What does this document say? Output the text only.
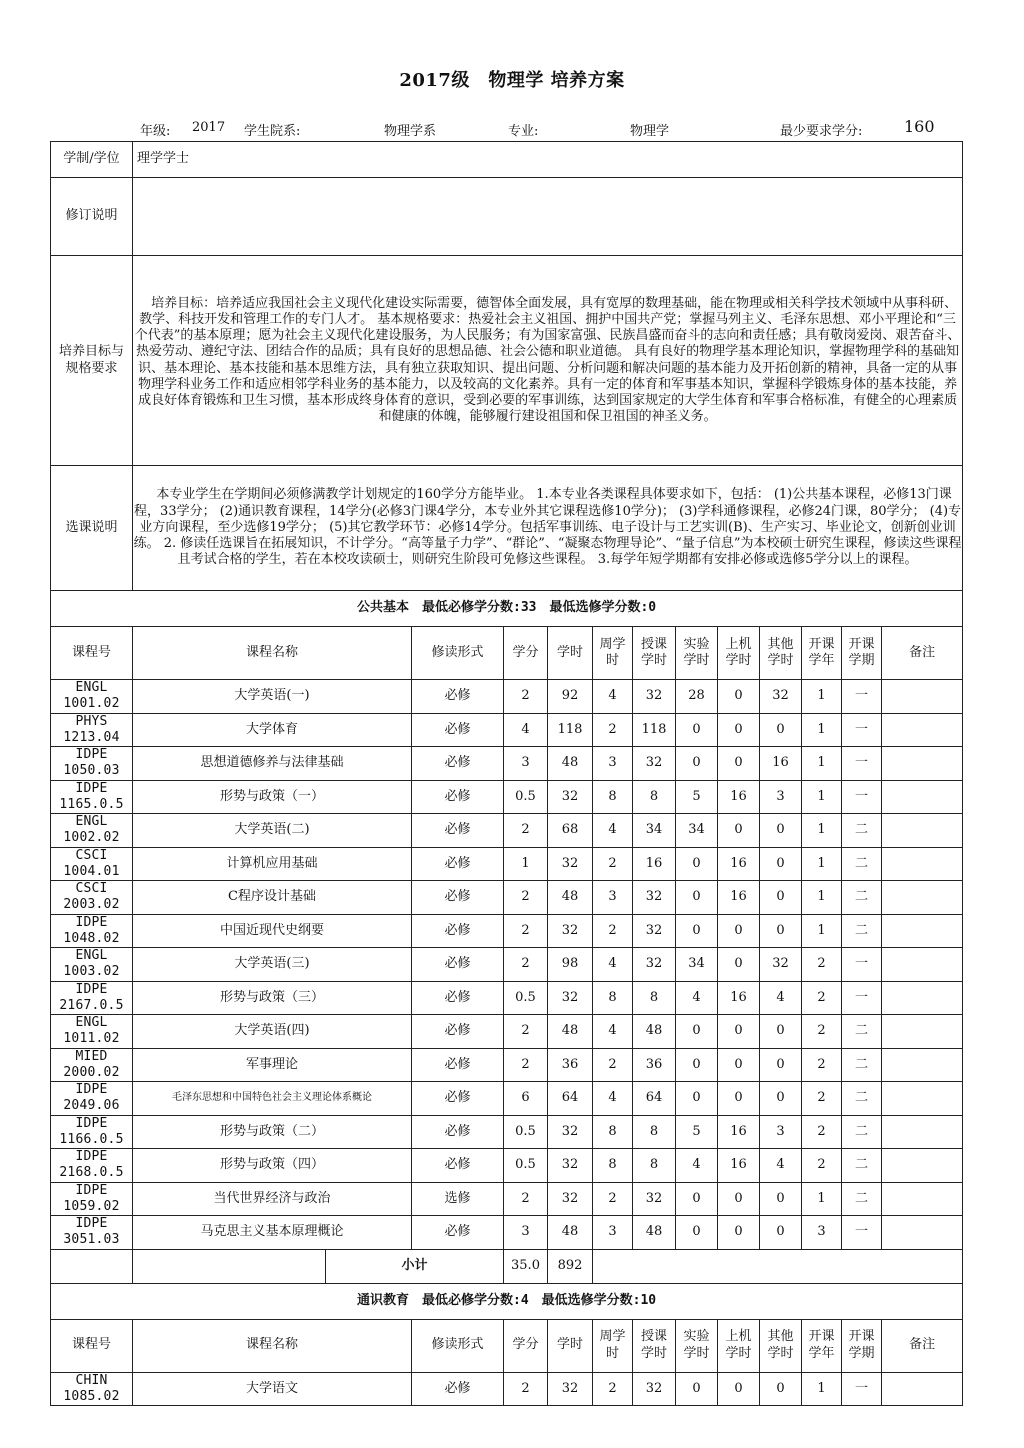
2017级　物理学 培养方案
年级: 2017 学生院系:	物理学系	专业:	物理学	最少要求学分:	160
学制/学位	理学学士												
修订说明													
培养目标与规格要求	培养目标：培养适应我国社会主义现代化建设实际需要，德智体全面发展，具有宽厚的数理基础，能在物理或相关科学技术领域中从事科研、教学、科技开发和管理工作的专门人才。 基本规格要求：热爱社会主义祖国、拥护中国共产党；掌握马列主义、毛泽东思想、邓小平理论和“三个代表”的基本原理；愿为社会主义现代化建设服务，为人民服务；有为国家富强、民族昌盛而奋斗的志向和责任感；具有敬岗爱岗、艰苦奋斗、热爱劳动、遵纪守法、团结合作的品质；具有良好的思想品德、社会公德和职业道德。 具有良好的物理学基本理论知识，掌握物理学科的基础知识、基本理论、基本技能和基本思维方法，具有独立获取知识、提出问题、分析问题和解决问题的基本能力及开拓创新的精神，具备一定的从事物理学科业务工作和适应相邻学科业务的基本能力，以及较高的文化素养。具有一定的体育和军事基本知识，掌握科学锻炼身体的基本技能，养成良好体育锻炼和卫生习惯，基本形成终身体育的意识，受到必要的军事训练，达到国家规定的大学生体育和军事合格标准，有健全的心理素质和健康的体魄，能够履行建设祖国和保卫祖国的神圣义务。												
选课说明	本专业学生在学期间必须修满教学计划规定的160学分方能毕业。 1.本专业各类课程具体要求如下，包括： (1)公共基本课程，必修13门课程，33学分； (2)通识教育课程，14学分(必修3门课4学分，本专业外其它课程选修10学分)； (3)学科通修课程，必修24门课，80学分； (4)专业方向课程，至少选修19学分； (5)其它教学环节：必修14学分。包括军事训练、电子设计与工艺实训(B)、生产实习、毕业论文，创新创业训练。 2. 修读任选课旨在拓展知识，不计学分。“高等量子力学”、“群论”、“凝聚态物理导论”、“量子信息”为本校硕士研究生课程，修读这些课程且考试合格的学生，若在本校攻读硕士，则研究生阶段可免修这些课程。 3.每学年短学期都有安排必修或选修5学分以上的课程。												
公共基本　最低必修学分数:33　最低选修学分数:0													
课程号	课程名称		修读形式	学分	学时	周学时	授课学时	实验学时	上机学时	其他学时	开课学年	开课学期	备注
ENGL 1001.02	大学英语(一)		必修	2	92	4	32	28	0	32	1	一	
PHYS 1213.04	大学体育		必修	4	118	2	118	0	0	0	1	一	
IDPE 1050.03	思想道德修养与法律基础		必修	3	48	3	32	0	0	16	1	一	
IDPE 1165.0.5	形势与政策（一）		必修	0.5	32	8	8	5	16	3	1	一	
ENGL 1002.02	大学英语(二)		必修	2	68	4	34	34	0	0	1	二	
CSCI 1004.01	计算机应用基础		必修	1	32	2	16	0	16	0	1	二	
CSCI 2003.02	C程序设计基础		必修	2	48	3	32	0	16	0	1	二	
IDPE 1048.02	中国近现代史纲要		必修	2	32	2	32	0	0	0	1	二	
ENGL 1003.02	大学英语(三)		必修	2	98	4	32	34	0	32	2	一	
IDPE 2167.0.5	形势与政策（三）		必修	0.5	32	8	8	4	16	4	2	一	
ENGL 1011.02	大学英语(四)		必修	2	48	4	48	0	0	0	2	二	
MIED 2000.02	军事理论		必修	2	36	2	36	0	0	0	2	二	
IDPE 2049.06	毛泽东思想和中国特色社会主义理论体系概论		必修	6	64	4	64	0	0	0	2	二	
IDPE 1166.0.5	形势与政策（二）		必修	0.5	32	8	8	5	16	3	2	二	
IDPE 2168.0.5	形势与政策（四）		必修	0.5	32	8	8	4	16	4	2	二	
IDPE 1059.02	当代世界经济与政治		选修	2	32	2	32	0	0	0	1	二	
IDPE 3051.03	马克思主义基本原理概论		必修	3	48	3	48	0	0	0	3	一	
		小计		35.0	892								
通识教育　最低必修学分数:4　最低选修学分数:10													
课程号	课程名称		修读形式	学分	学时	周学时	授课学时	实验学时	上机学时	其他学时	开课学年	开课学期	备注
CHIN 1085.02	大学语文		必修	2	32	2	32	0	0	0	1	一	
